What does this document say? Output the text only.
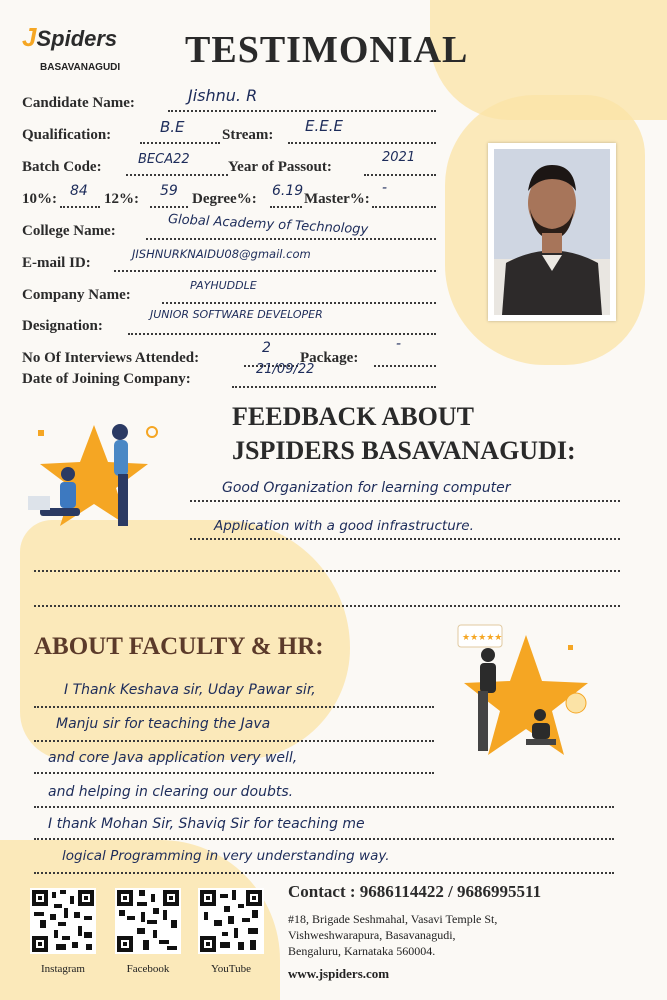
JSpiders
BASAVANAGUDI TESTIMONIAL
Candidate Name:	Jishnu. R
Qualification:	B.E Stream: E.E.E
Batch Code:	BECA22	Year of Passout:
2021
10%: 84 12%: 59 Degree%: 6.19 Master%:
-
College Name:	Global Academy of Technology
E-mail ID:
JISHNURKNAIDU08@gmail.com
Company Name:
PAYHUDDLE
Designation:
JUNIOR SOFTWARE DEVELOPER
No Of Interviews Attended:
2
Package:
-
Date of Joining Company:
21/09/22
FEEDBACK ABOUT
JSPIDERS BASAVANAGUDI:
Good Organization for learning computer
Application with a good infrastructure.
ABOUT FACULTY & HR:	★★★★★
I Thank Keshava sir, Uday Pawar sir,
Manju sir for teaching the Java
and core Java application very well,
and helping in clearing our doubts.
I thank Mohan Sir, Shaviq Sir for teaching me
logical Programming in very understanding way.
Instagram	Facebook	YouTube
Contact : 9686114422 / 9686995511
#18, Brigade Seshmahal, Vasavi Temple St,
Vishweshwarapura, Basavanagudi,
Bengaluru, Karnataka 560004.
www.jspiders.com
